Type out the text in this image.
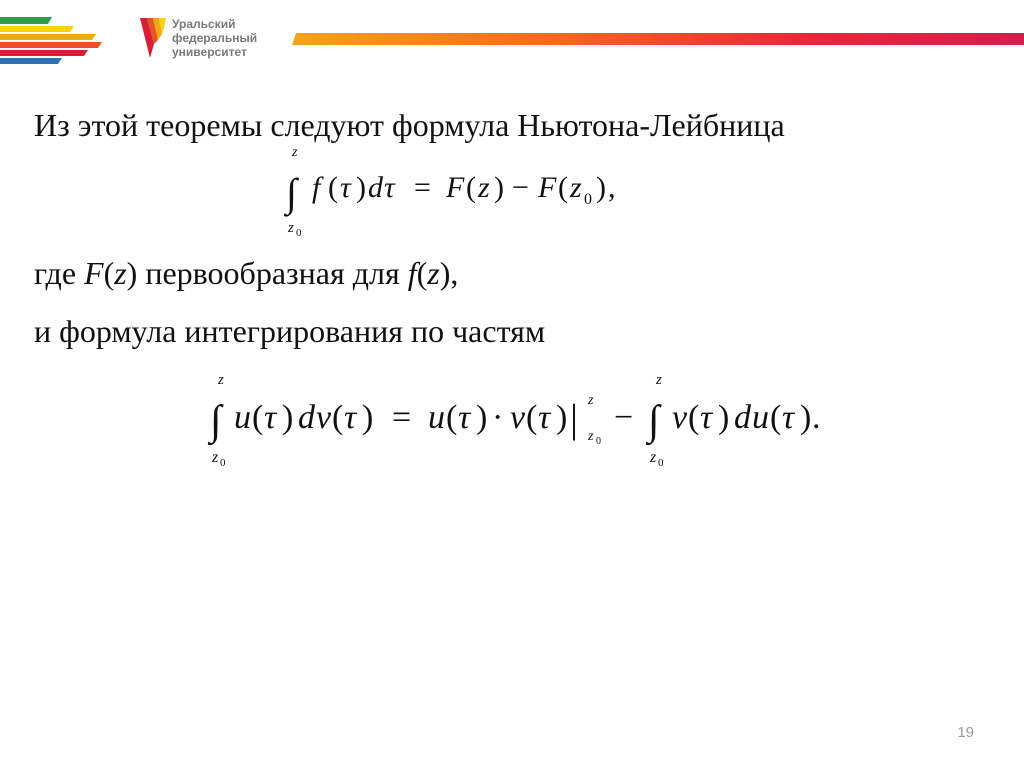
Уральский
федеральный
университет
Из этой теоремы следуют формула Ньютона-Лейбница
z
∫
z 0
f ( τ ) d τ = F ( z ) − F ( z 0 ) ,
где F(z) первообразная для f(z),
и формула интегрирования по частям
z
∫
z 0
u ( τ ) d v ( τ ) = u ( τ ) · v ( τ ) | z
z 0
−
z
∫
z 0
v ( τ ) d u ( τ ) .
19
